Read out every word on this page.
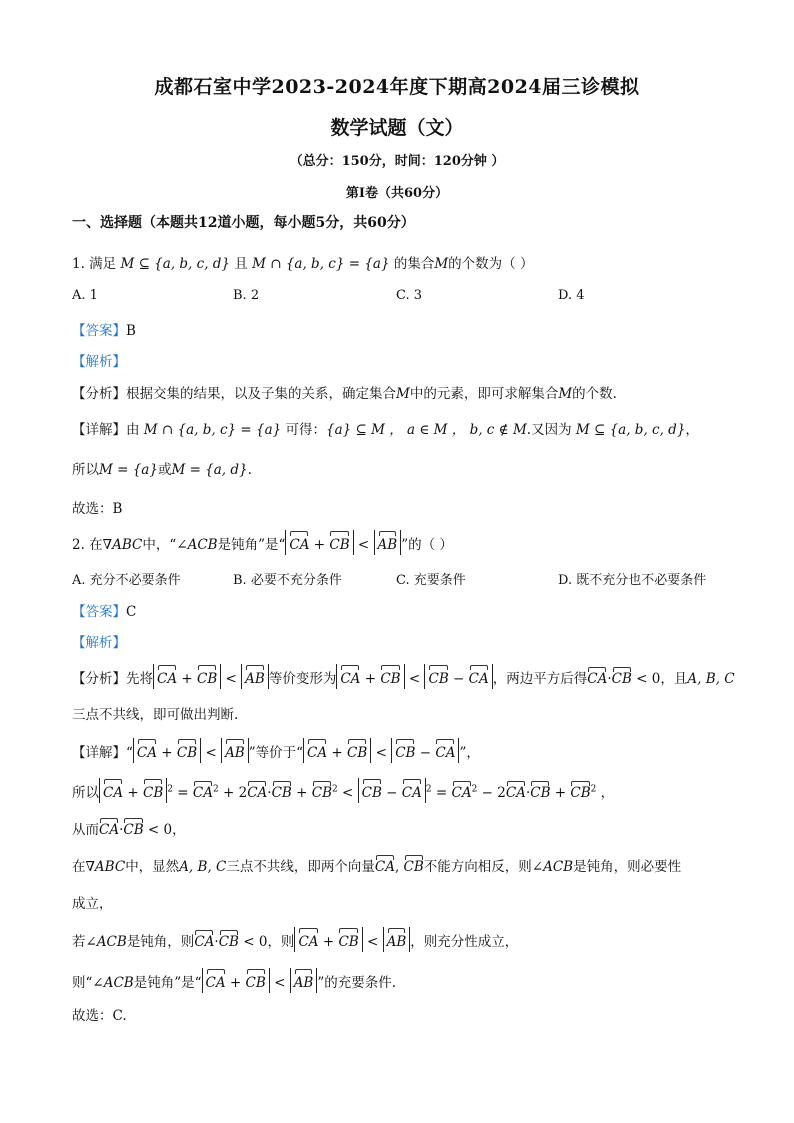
成都石室中学2023-2024年度下期高2024届三诊模拟
数学试题（文）
（总分：150分，时间：120分钟 ）
第I卷（共60分）
一、选择题（本题共12道小题，每小题5分，共60分）
1. 满足 M ⊆ {a, b, c, d} 且 M ∩ {a, b, c} = {a} 的集合M的个数为（ ）
A. 1	B. 2	C. 3	D. 4
【答案】B
【解析】
【分析】根据交集的结果，以及子集的关系，确定集合M中的元素，即可求解集合M的个数.
【详解】由 M ∩ {a, b, c} = {a} 可得：{a} ⊆ M ， a ∈ M ， b, c ∉ M.又因为 M ⊆ {a, b, c, d}，
所以M = {a}或M = {a, d}.
故选：B
2. 在∇ABC中，“∠ACB是钝角”是“ CA + CB < AB ”的（ ）
A. 充分不必要条件	B. 必要不充分条件	C. 充要条件	D. 既不充分也不必要条件
【答案】C
【解析】
【分析】先将 CA + CB < AB 等价变形为 CA + CB < CB − CA ，两边平方后得CA·CB < 0，且A, B, C
三点不共线，即可做出判断.
【详解】“ CA + CB < AB ”等价于“ CA + CB < CB − CA ”，
所以 CA + CB $^2 = CA^2 + 2CA\cdot CB + CB^2$ < CB − CA $^2 = CA^2 - 2CA\cdot CB + CB^2$ ，
从而CA·CB < 0，
在∇ABC中，显然A, B, C三点不共线，即两个向量CA, CB不能方向相反，则∠ACB是钝角，则必要性
成立，
若∠ACB是钝角，则CA·CB < 0，则 CA + CB < AB ，则充分性成立，
则“∠ACB是钝角”是“ CA + CB < AB ”的充要条件.
故选：C.
